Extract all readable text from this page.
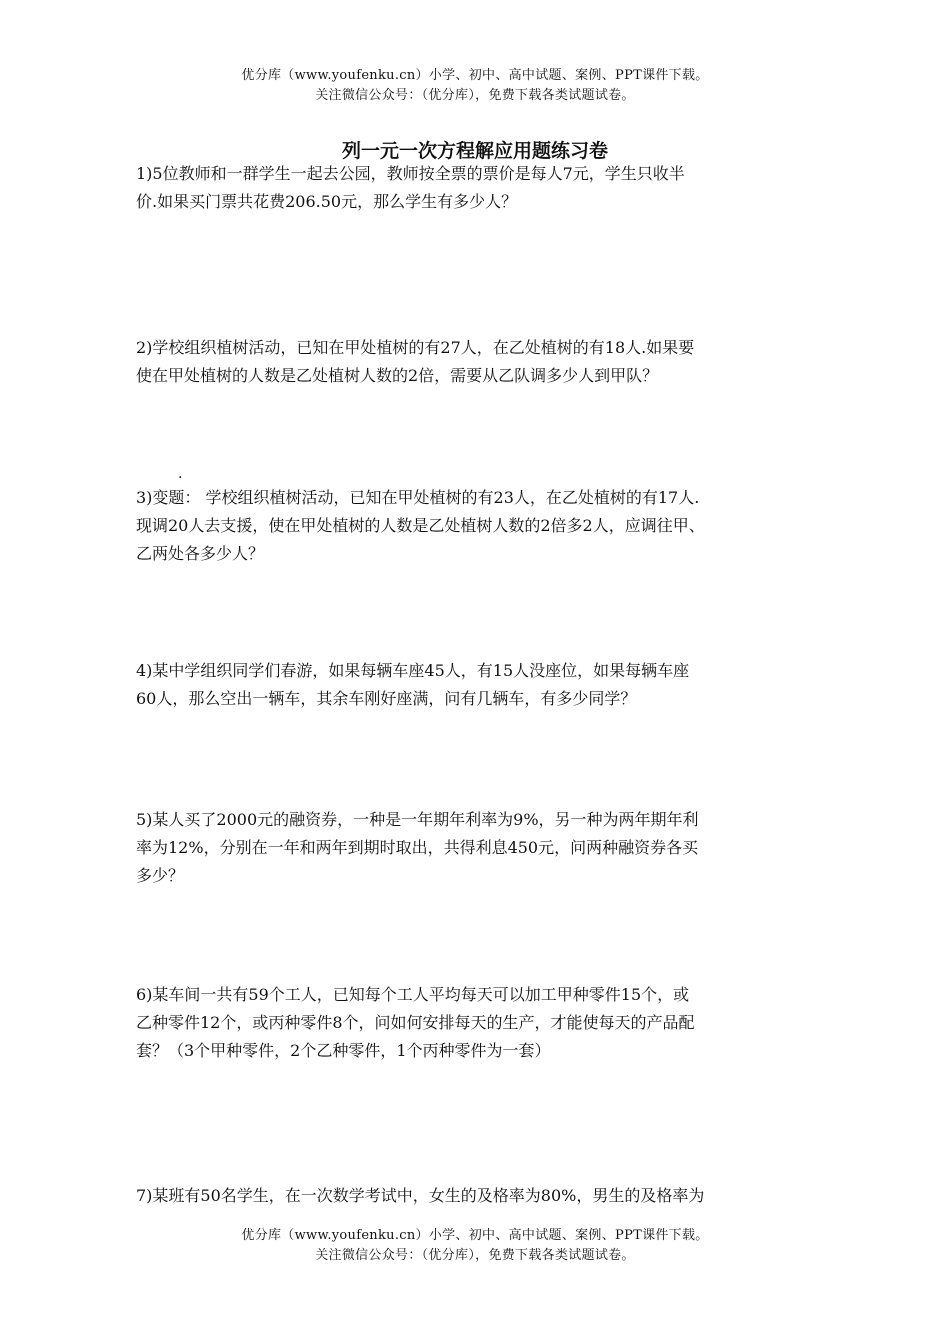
优分库（www.youfenku.cn）小学、初中、高中试题、案例、PPT课件下载。
关注微信公众号：（优分库），免费下载各类试题试卷。
列一元一次方程解应用题练习卷

1)5位教师和一群学生一起去公园，教师按全票的票价是每人7元，学生只收半

价.如果买门票共花费206.50元，那么学生有多少人？

2)学校组织植树活动，已知在甲处植树的有27人，在乙处植树的有18人.如果要

使在甲处植树的人数是乙处植树人数的2倍，需要从乙队调多少人到甲队？

.

3)变题： 学校组织植树活动，已知在甲处植树的有23人，在乙处植树的有17人.

现调20人去支援，使在甲处植树的人数是乙处植树人数的2倍多2人，应调往甲、

乙两处各多少人？

4)某中学组织同学们春游，如果每辆车座45人，有15人没座位，如果每辆车座

60人，那么空出一辆车，其余车刚好座满，问有几辆车，有多少同学？

5)某人买了2000元的融资券，一种是一年期年利率为9%，另一种为两年期年利

率为12%，分别在一年和两年到期时取出，共得利息450元，问两种融资券各买

多少？

6)某车间一共有59个工人，已知每个工人平均每天可以加工甲种零件15个，或

乙种零件12个，或丙种零件8个，问如何安排每天的生产，才能使每天的产品配

套？（3个甲种零件，2个乙种零件，1个丙种零件为一套）

7)某班有50名学生，在一次数学考试中，女生的及格率为80%，男生的及格率为

优分库（www.youfenku.cn）小学、初中、高中试题、案例、PPT课件下载。
关注微信公众号：（优分库），免费下载各类试题试卷。
